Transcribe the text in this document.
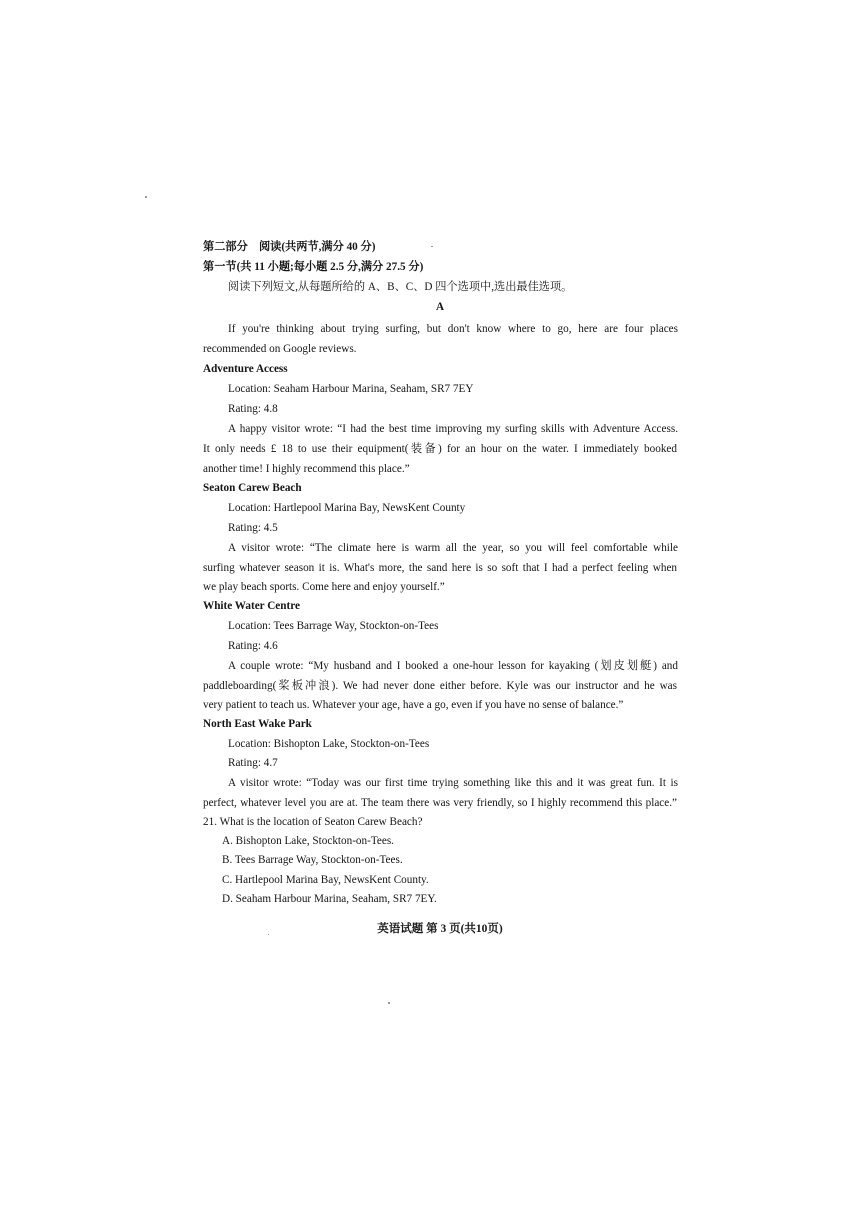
第二部分　阅读(共两节,满分 40 分)
第一节(共 11 小题;每小题 2.5 分,满分 27.5 分)
阅读下列短文,从每题所给的 A、B、C、D 四个选项中,选出最佳选项。
A
If you're thinking about trying surfing, but don't know where to go, here are four places
recommended on Google reviews.
Adventure Access
Location: Seaham Harbour Marina, Seaham, SR7 7EY
Rating: 4.8
A happy visitor wrote: “I had the best time improving my surfing skills with Adventure Access.
It only needs £ 18 to use their equipment(装备) for an hour on the water. I immediately booked
another time! I highly recommend this place.”
Seaton Carew Beach
Location: Hartlepool Marina Bay, NewsKent County
Rating: 4.5
A visitor wrote: “The climate here is warm all the year, so you will feel comfortable while
surfing whatever season it is. What's more, the sand here is so soft that I had a perfect feeling when
we play beach sports. Come here and enjoy yourself.”
White Water Centre
Location: Tees Barrage Way, Stockton-on-Tees
Rating: 4.6
A couple wrote: “My husband and I booked a one-hour lesson for kayaking (划皮划艇) and
paddleboarding(桨板冲浪). We had never done either before. Kyle was our instructor and he was
very patient to teach us. Whatever your age, have a go, even if you have no sense of balance.”
North East Wake Park
Location: Bishopton Lake, Stockton-on-Tees
Rating: 4.7
A visitor wrote: “Today was our first time trying something like this and it was great fun. It is
perfect, whatever level you are at. The team there was very friendly, so I highly recommend this place.”
21. What is the location of Seaton Carew Beach?
A. Bishopton Lake, Stockton-on-Tees.
B. Tees Barrage Way, Stockton-on-Tees.
C. Hartlepool Marina Bay, NewsKent County.
D. Seaham Harbour Marina, Seaham, SR7 7EY.
英语试题 第 3 页(共10页)
